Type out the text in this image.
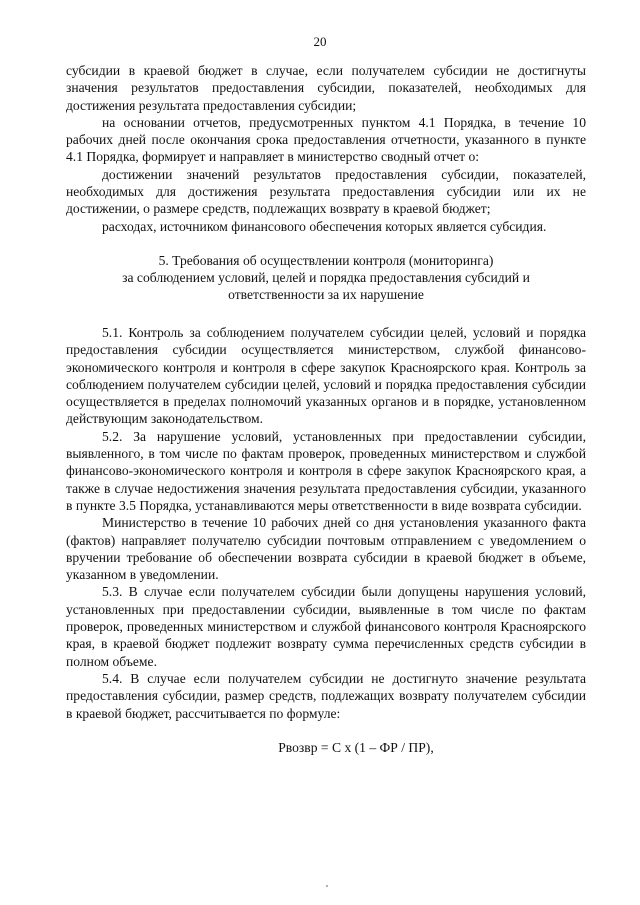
20

субсидии в краевой бюджет в случае, если получателем субсидии не достигнуты значения результатов предоставления субсидии, показателей, необходимых для достижения результата предоставления субсидии;

на основании отчетов, предусмотренных пунктом 4.1 Порядка, в течение 10 рабочих дней после окончания срока предоставления отчетности, указанного в пункте 4.1 Порядка, формирует и направляет в министерство сводный отчет о:

достижении значений результатов предоставления субсидии, показателей, необходимых для достижения результата предоставления субсидии или их не достижении, о размере средств, подлежащих возврату в краевой бюджет;

расходах, источником финансового обеспечения которых является субсидия.

5. Требования об осуществлении контроля (мониторинга)
за соблюдением условий, целей и порядка предоставления субсидий и
ответственности за их нарушение

5.1. Контроль за соблюдением получателем субсидии целей, условий и порядка предоставления субсидии осуществляется министерством, службой финансово-экономического контроля и контроля в сфере закупок Красноярского края. Контроль за соблюдением получателем субсидии целей, условий и порядка предоставления субсидии осуществляется в пределах полномочий указанных органов и в порядке, установленном действующим законодательством.

5.2. За нарушение условий, установленных при предоставлении субсидии, выявленного, в том числе по фактам проверок, проведенных министерством и службой финансово-экономического контроля и контроля в сфере закупок Красноярского края, а также в случае недостижения значения результата предоставления субсидии, указанного в пункте 3.5 Порядка, устанавливаются меры ответственности в виде возврата субсидии.

Министерство в течение 10 рабочих дней со дня установления указанного факта (фактов) направляет получателю субсидии почтовым отправлением с уведомлением о вручении требование об обеспечении возврата субсидии в краевой бюджет в объеме, указанном в уведомлении.

5.3. В случае если получателем субсидии были допущены нарушения условий, установленных при предоставлении субсидии, выявленные в том числе по фактам проверок, проведенных министерством и службой финансового контроля Красноярского края, в краевой бюджет подлежит возврату сумма перечисленных средств субсидии в полном объеме.

5.4. В случае если получателем субсидии не достигнуто значение результата предоставления субсидии, размер средств, подлежащих возврату получателем субсидии в краевой бюджет, рассчитывается по формуле:

Pвозвр = С х (1 – ФР / ПР),
